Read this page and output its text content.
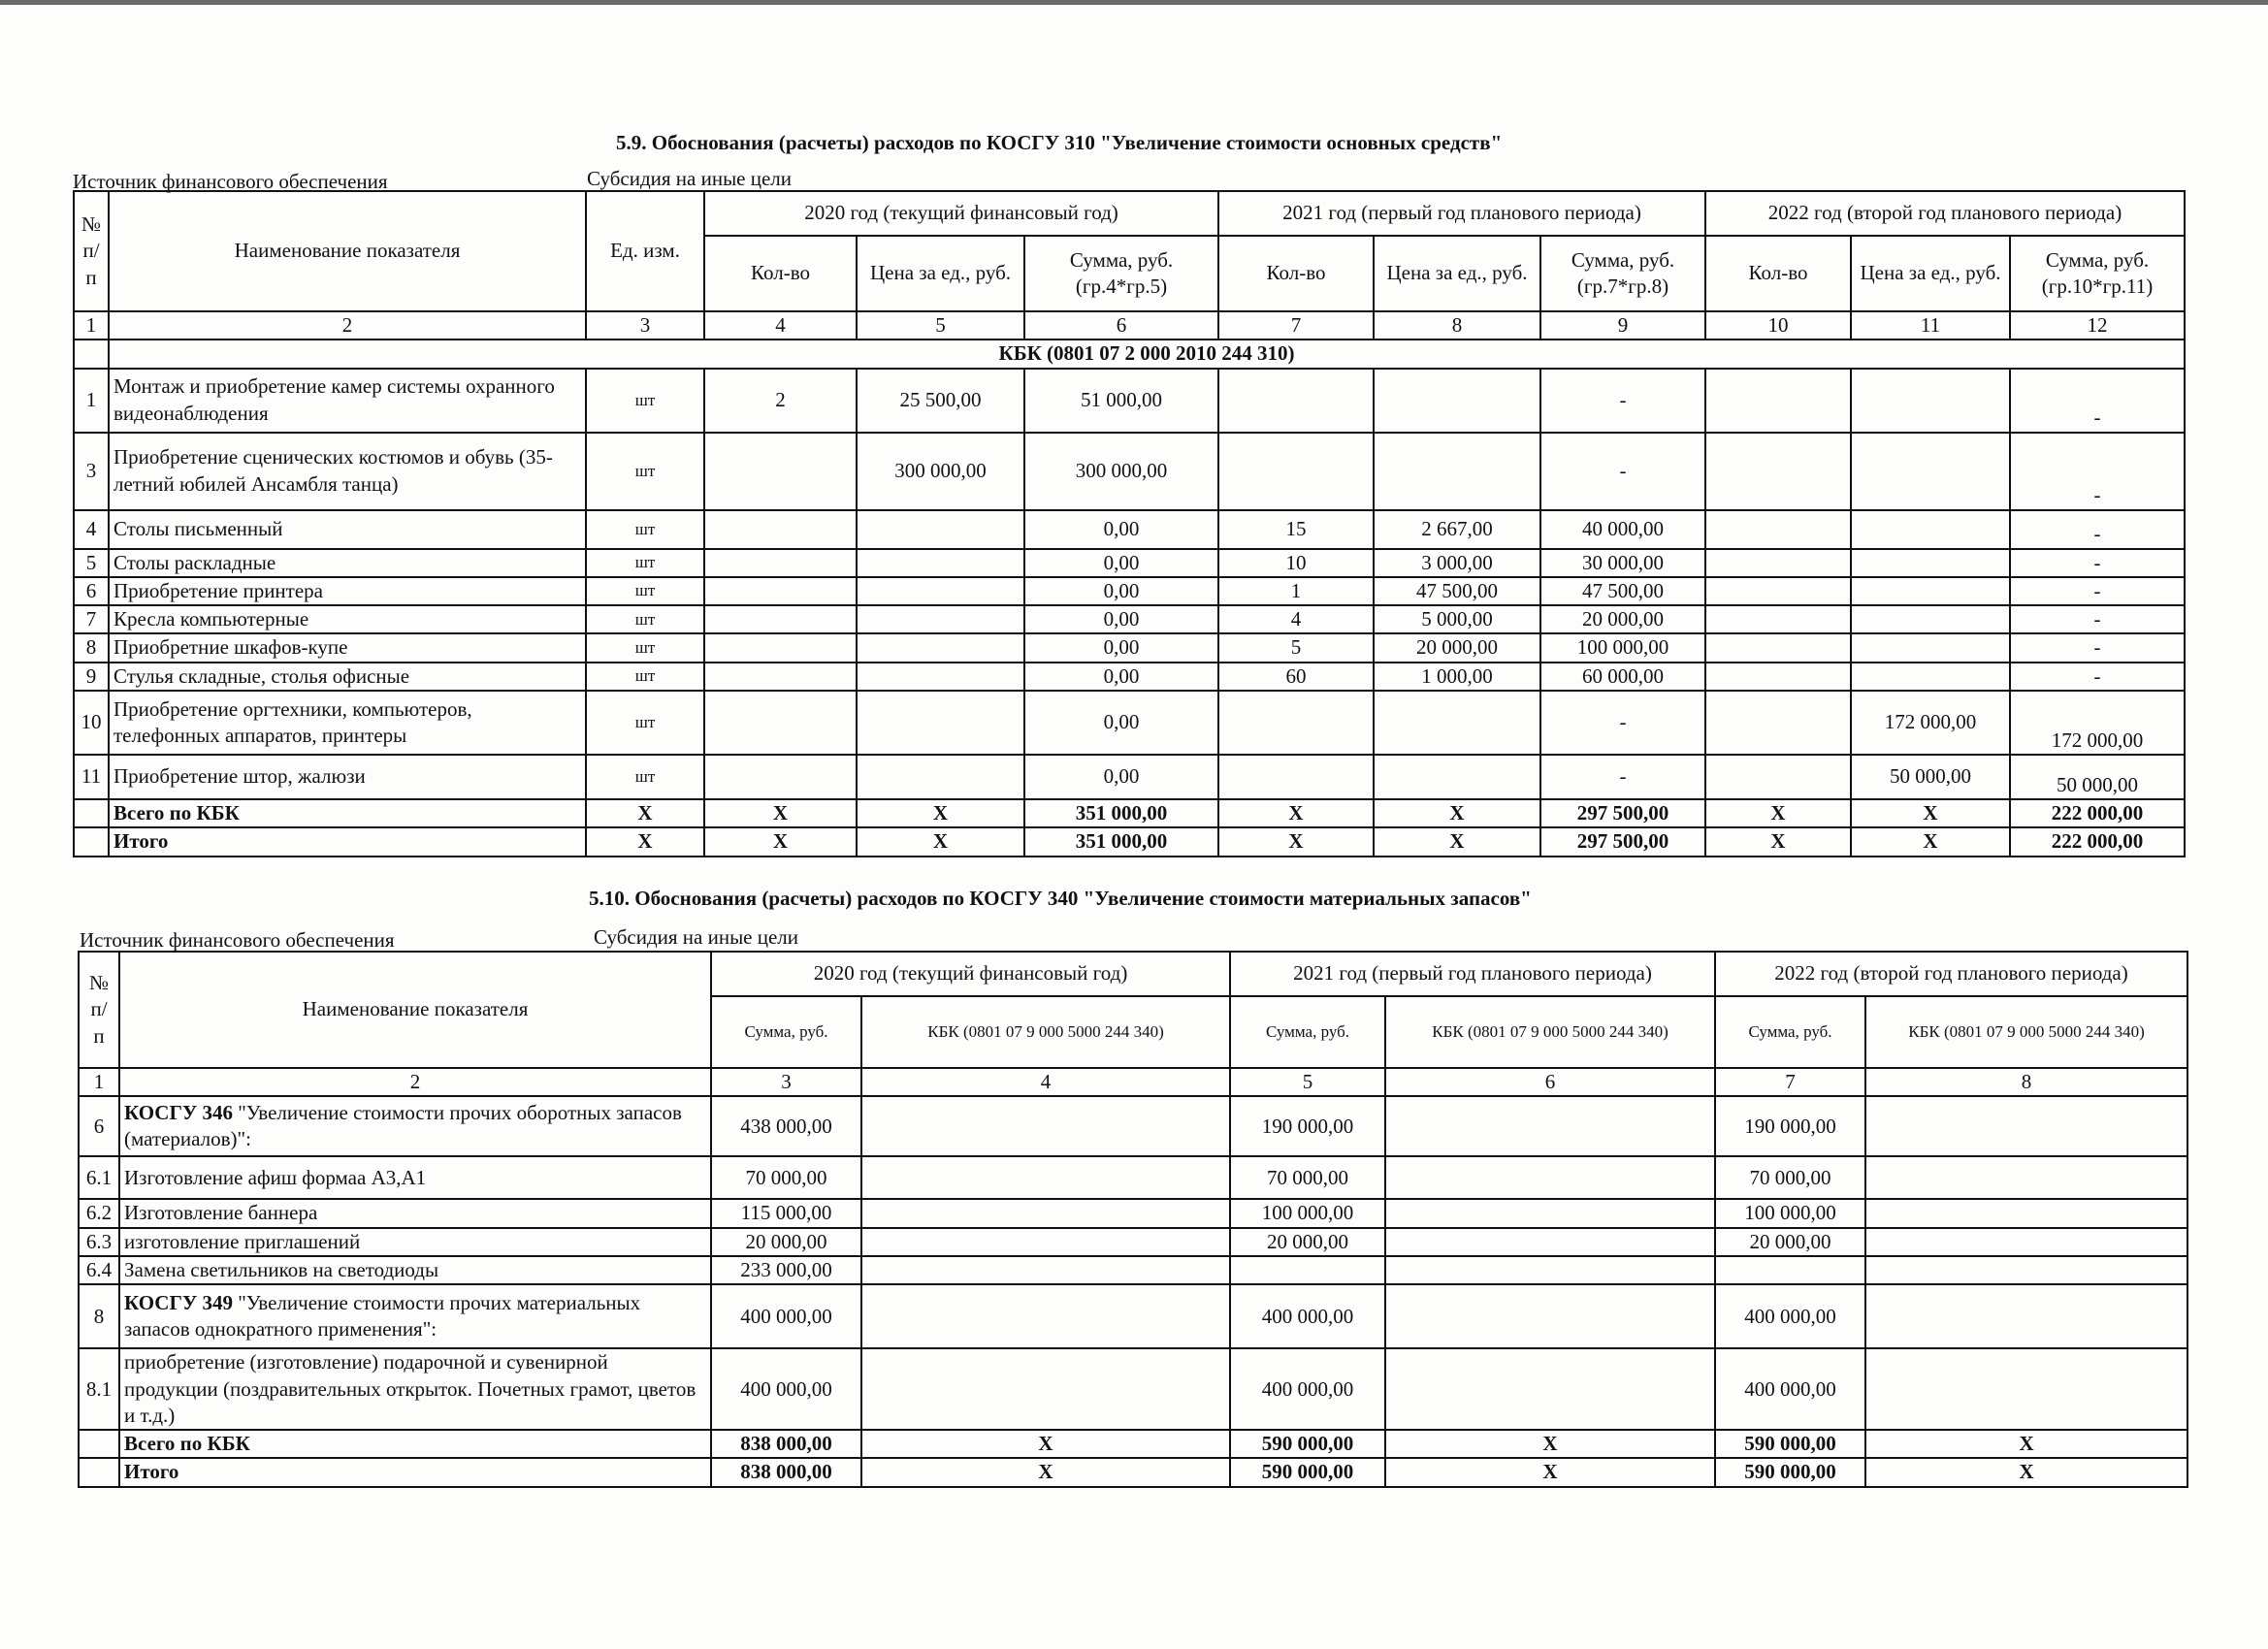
5.9. Обоснования (расчеты) расходов по КОСГУ 310 "Увеличение стоимости основных средств"
Источник финансового обеспечения	Субсидия на иные цели
№ п/ п	Наименование показателя	Ед. изм.	2020 год (текущий финансовый год)			2021 год (первый год планового периода)			2022 год (второй год планового периода)		
			Кол-во	Цена за ед., руб.	Сумма, руб. (гр.4*гр.5)	Кол-во	Цена за ед., руб.	Сумма, руб. (гр.7*гр.8)	Кол-во	Цена за ед., руб.	Сумма, руб. (гр.10*гр.11)
1	2	3	4	5	6	7	8	9	10	11	12
	КБК (0801 07 2 000 2010 244 310)										
1	Монтаж и приобретение камер системы охранного видеонаблюдения	шт	2	25 500,00	51 000,00			-			-
3	Приобретение сценических костюмов и обувь (35-летний юбилей Ансамбля танца)	шт		300 000,00	300 000,00			-			-
4	Столы письменный	шт			0,00	15	2 667,00	40 000,00			-
5	Столы раскладные	шт			0,00	10	3 000,00	30 000,00			-
6	Приобретение принтера	шт			0,00	1	47 500,00	47 500,00			-
7	Кресла компьютерные	шт			0,00	4	5 000,00	20 000,00			-
8	Приобретние шкафов-купе	шт			0,00	5	20 000,00	100 000,00			-
9	Стулья складные, столья офисные	шт			0,00	60	1 000,00	60 000,00			-
10	Приобретение оргтехники, компьютеров, телефонных аппаратов, принтеры	шт			0,00			-		172 000,00	172 000,00
11	Приобретение штор, жалюзи	шт			0,00			-		50 000,00	50 000,00
	Всего по КБК	Х	Х	Х	351 000,00	Х	Х	297 500,00	Х	Х	222 000,00
	Итого	Х	Х	Х	351 000,00	Х	Х	297 500,00	Х	Х	222 000,00
5.10. Обоснования (расчеты) расходов по КОСГУ 340 "Увеличение стоимости материальных запасов"
Источник финансового обеспечения	Субсидия на иные цели
№ п/ п	Наименование показателя	2020 год (текущий финансовый год)		2021 год (первый год планового периода)		2022 год (второй год планового периода)	
		Сумма, руб.	КБК (0801 07 9 000 5000 244 340)	Сумма, руб.	КБК (0801 07 9 000 5000 244 340)	Сумма, руб.	КБК (0801 07 9 000 5000 244 340)
1	2	3	4	5	6	7	8
6	КОСГУ 346 "Увеличение стоимости прочих оборотных запасов (материалов)":	438 000,00		190 000,00		190 000,00	
6.1	Изготовление афиш формаа А3,А1	70 000,00		70 000,00		70 000,00	
6.2	Изготовление баннера	115 000,00		100 000,00		100 000,00	
6.3	изготовление приглашений	20 000,00		20 000,00		20 000,00	
6.4	Замена светильников на светодиоды	233 000,00					
8	КОСГУ 349 "Увеличение стоимости прочих материальных запасов однократного применения":	400 000,00		400 000,00		400 000,00	
8.1	приобретение (изготовление) подарочной и сувенирной продукции (поздравительных открыток. Почетных грамот, цветов и т.д.)	400 000,00		400 000,00		400 000,00	
	Всего по КБК	838 000,00	Х	590 000,00	Х	590 000,00	Х
	Итого	838 000,00	Х	590 000,00	Х	590 000,00	Х
